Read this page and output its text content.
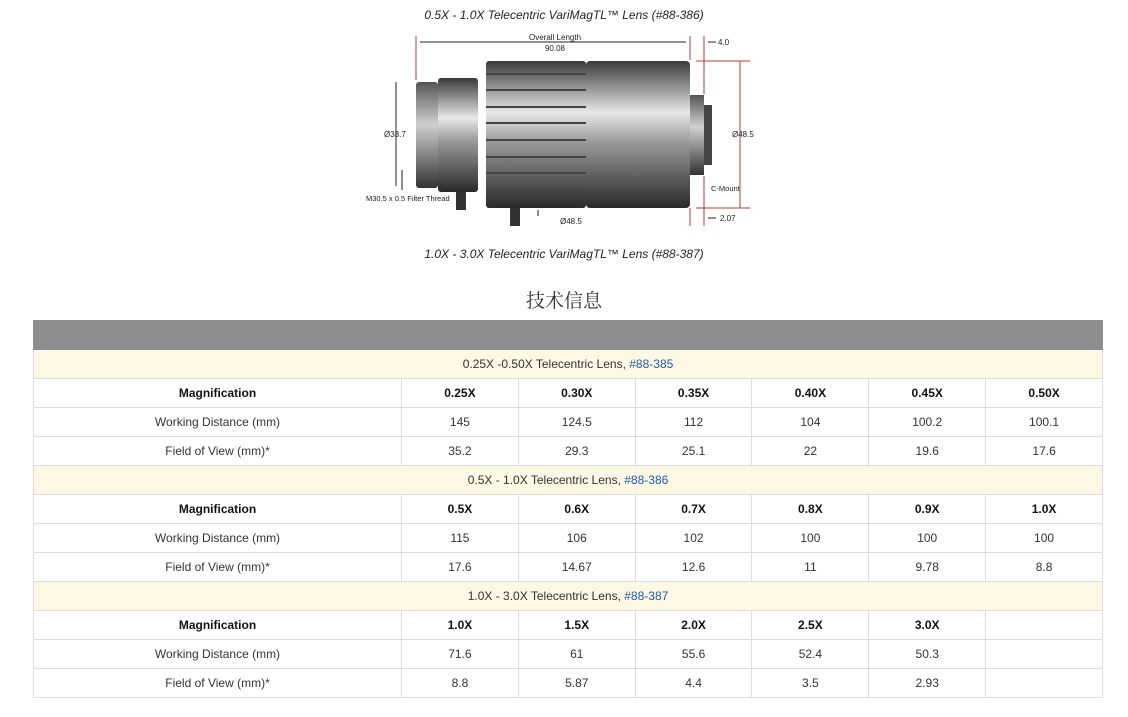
0.5X - 1.0X Telecentric VariMagTL™ Lens (#88-386)
Overall Length
90.08
4.0
Ø33.7	Ø48.5
Ø48.5
M30.5 x 0.5 Filter Thread
C-Mount
2.07
1.0X - 3.0X Telecentric VariMagTL™ Lens (#88-387)
技术信息

0.25X -0.50X Telecentric Lens, #88-385						
Magnification	0.25X	0.30X	0.35X	0.40X	0.45X	0.50X
Working Distance (mm)	145	124.5	112	104	100.2	100.1
Field of View (mm)*	35.2	29.3	25.1	22	19.6	17.6
0.5X - 1.0X Telecentric Lens, #88-386						
Magnification	0.5X	0.6X	0.7X	0.8X	0.9X	1.0X
Working Distance (mm)	115	106	102	100	100	100
Field of View (mm)*	17.6	14.67	12.6	11	9.78	8.8
1.0X - 3.0X Telecentric Lens, #88-387						
Magnification	1.0X	1.5X	2.0X	2.5X	3.0X	
Working Distance (mm)	71.6	61	55.6	52.4	50.3	
Field of View (mm)*	8.8	5.87	4.4	3.5	2.93	
